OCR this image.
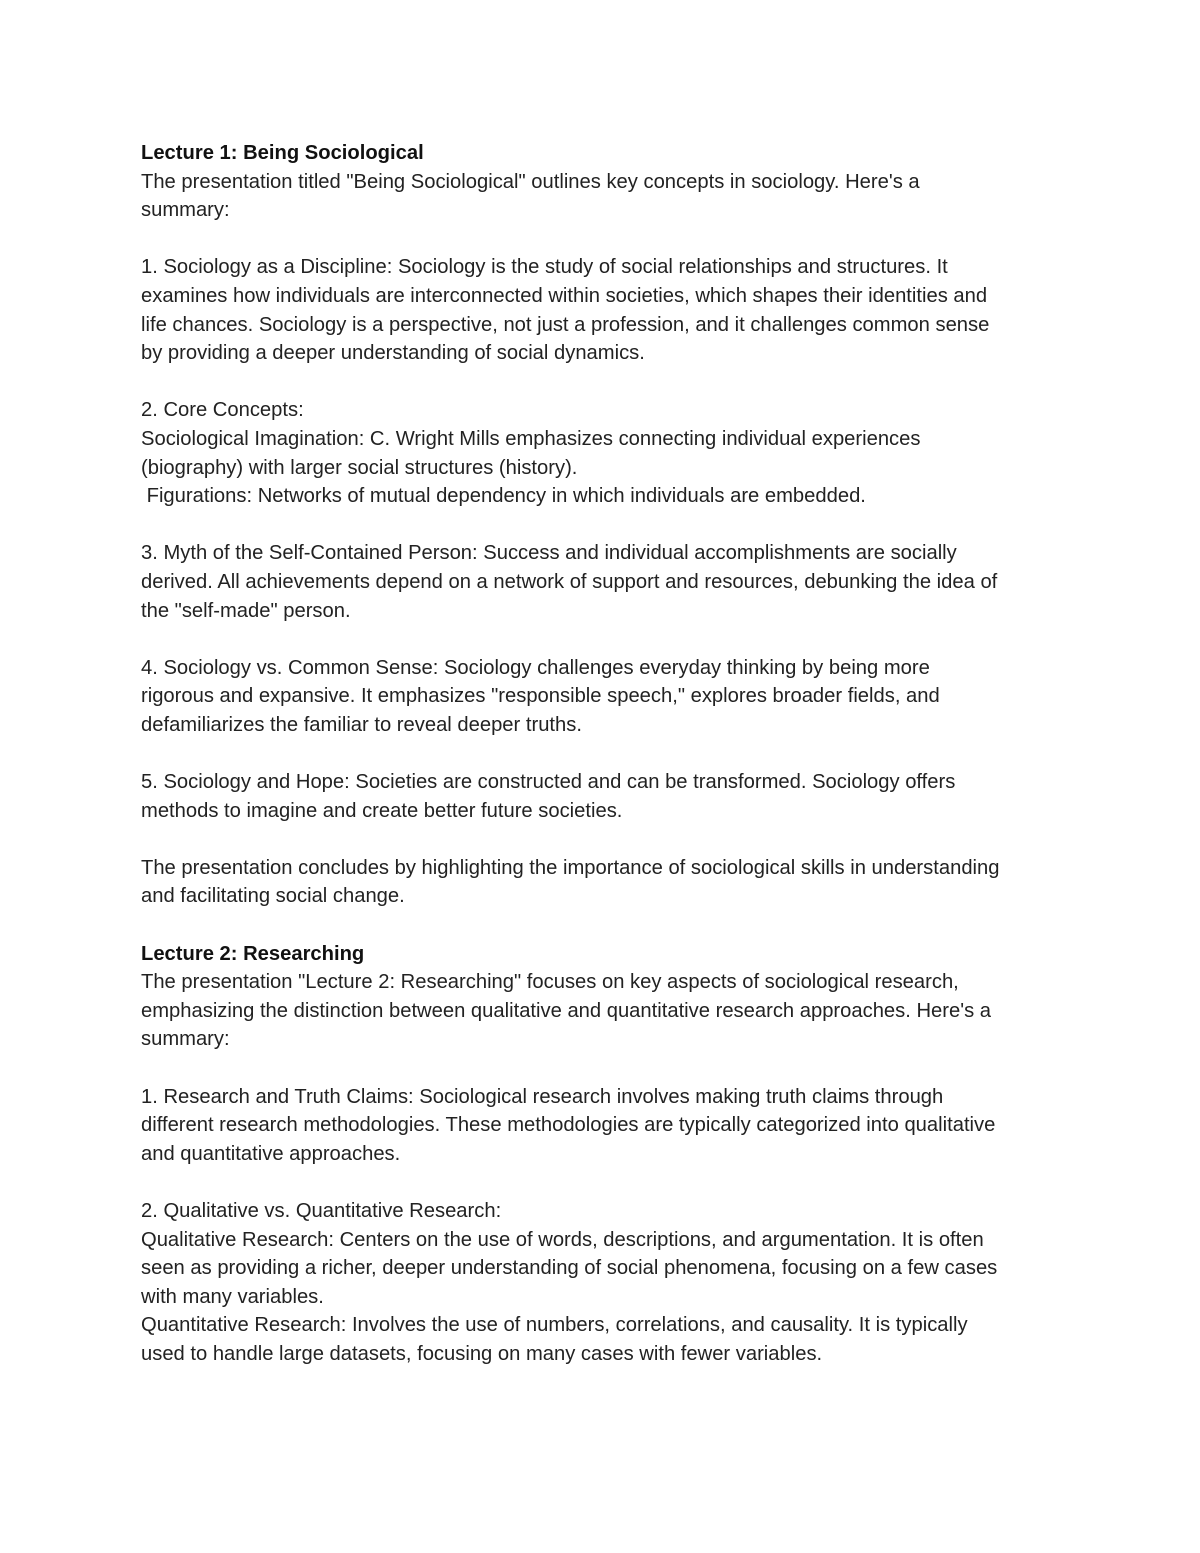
Lecture 1: Being Sociological
The presentation titled "Being Sociological" outlines key concepts in sociology. Here's a
summary:
1. Sociology as a Discipline: Sociology is the study of social relationships and structures. It
examines how individuals are interconnected within societies, which shapes their identities and
life chances. Sociology is a perspective, not just a profession, and it challenges common sense
by providing a deeper understanding of social dynamics.
2. Core Concepts:
Sociological Imagination: C. Wright Mills emphasizes connecting individual experiences
(biography) with larger social structures (history).
Figurations: Networks of mutual dependency in which individuals are embedded.
3. Myth of the Self-Contained Person: Success and individual accomplishments are socially
derived. All achievements depend on a network of support and resources, debunking the idea of
the "self-made" person.
4. Sociology vs. Common Sense: Sociology challenges everyday thinking by being more
rigorous and expansive. It emphasizes "responsible speech," explores broader fields, and
defamiliarizes the familiar to reveal deeper truths.
5. Sociology and Hope: Societies are constructed and can be transformed. Sociology offers
methods to imagine and create better future societies.
The presentation concludes by highlighting the importance of sociological skills in understanding
and facilitating social change.
Lecture 2: Researching
The presentation "Lecture 2: Researching" focuses on key aspects of sociological research,
emphasizing the distinction between qualitative and quantitative research approaches. Here's a
summary:
1. Research and Truth Claims: Sociological research involves making truth claims through
different research methodologies. These methodologies are typically categorized into qualitative
and quantitative approaches.
2. Qualitative vs. Quantitative Research:
Qualitative Research: Centers on the use of words, descriptions, and argumentation. It is often
seen as providing a richer, deeper understanding of social phenomena, focusing on a few cases
with many variables.
Quantitative Research: Involves the use of numbers, correlations, and causality. It is typically
used to handle large datasets, focusing on many cases with fewer variables.
